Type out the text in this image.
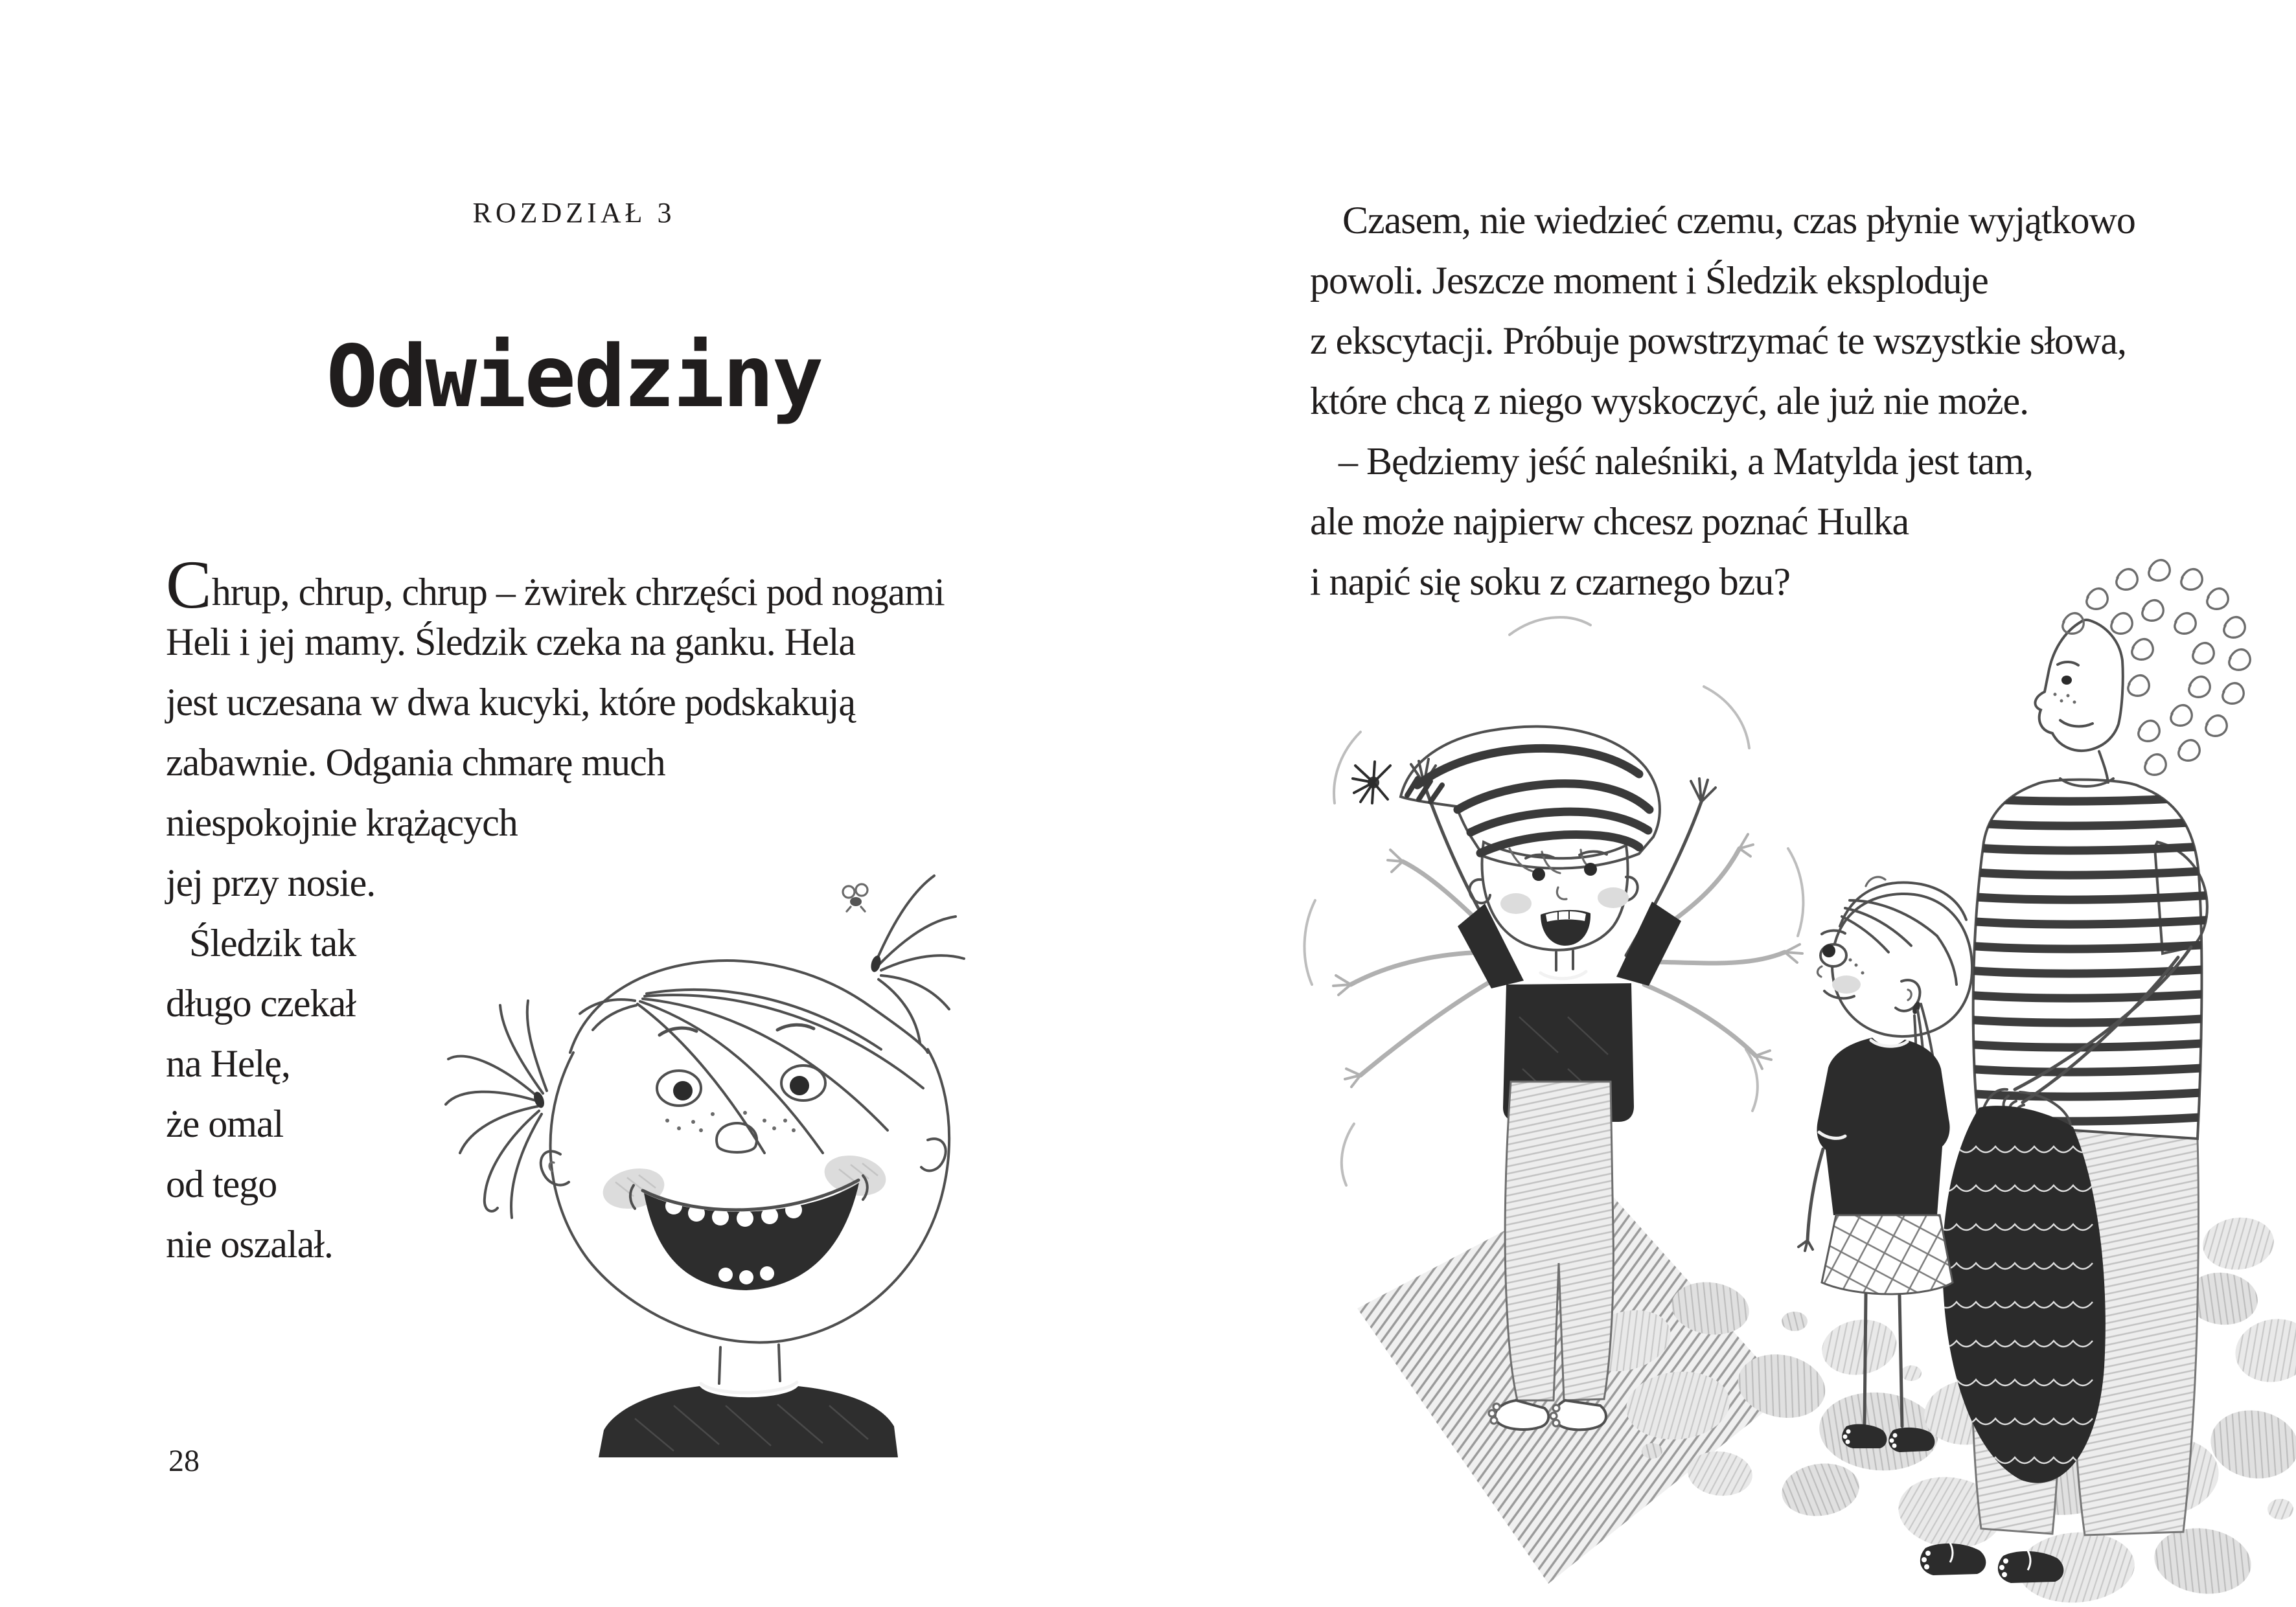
ROZDZIAŁ 3
Odwiedziny
Chrup, chrup, chrup – żwirek chrzęści pod nogami
Heli i jej mamy. Śledzik czeka na ganku. Hela
jest uczesana w dwa kucyki, które podskakują
zabawnie. Odgania chmarę much
niespokojnie krążących
jej przy nosie.
Śledzik tak
długo czekał
na Helę,
że omal
od tego
nie oszalał.
28
Czasem, nie wiedzieć czemu, czas płynie wyjątkowo
powoli. Jeszcze moment i Śledzik eksploduje
z ekscytacji. Próbuje powstrzymać te wszystkie słowa,
które chcą z niego wyskoczyć, ale już nie może.
– Będziemy jeść naleśniki, a Matylda jest tam,
ale może najpierw chcesz poznać Hulka
i napić się soku z czarnego bzu?
